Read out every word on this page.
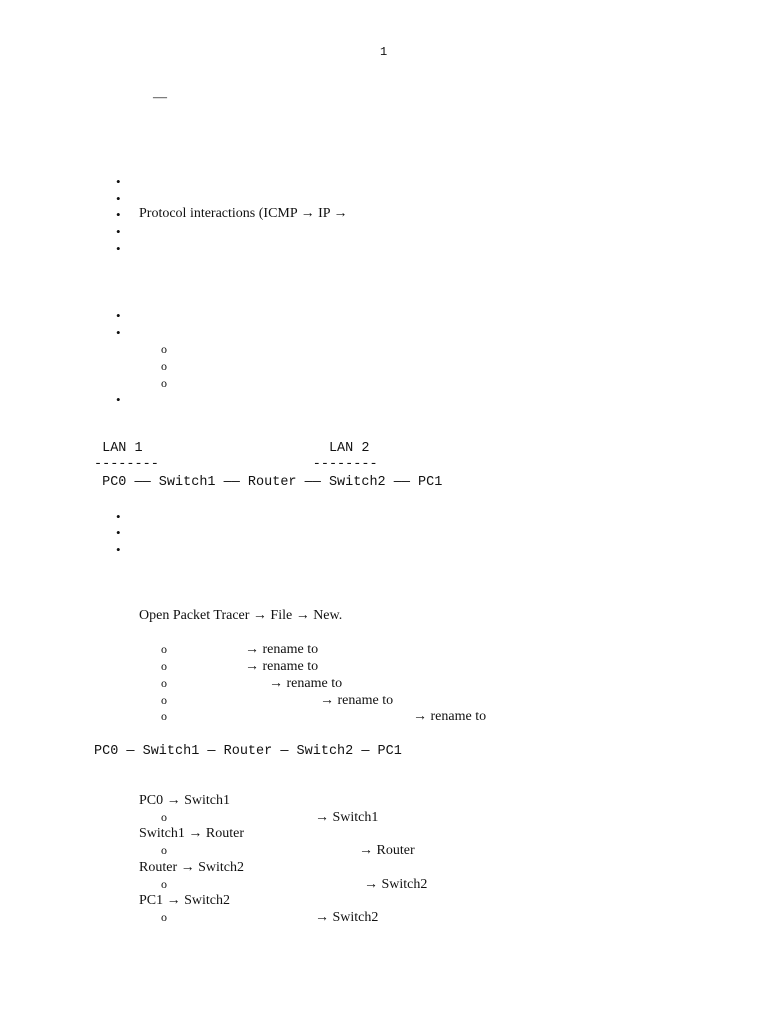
1
—
•
•
• Protocol interactions (ICMP → IP →
•
•
•
•
o
o
o
•
LAN 1                       LAN 2
--------                   --------
PC0 —— Switch1 —— Router —— Switch2 —— PC1
•
•
•
Open Packet Tracer → File → New.
o	→ rename to
o	→ rename to
o	→ rename to
o	→ rename to
o	→ rename to
PC0 — Switch1 — Router — Switch2 — PC1
PC0 → Switch1
o	→ Switch1
Switch1 → Router
o	→ Router
Router → Switch2
o	→ Switch2
PC1 → Switch2
o	→ Switch2
